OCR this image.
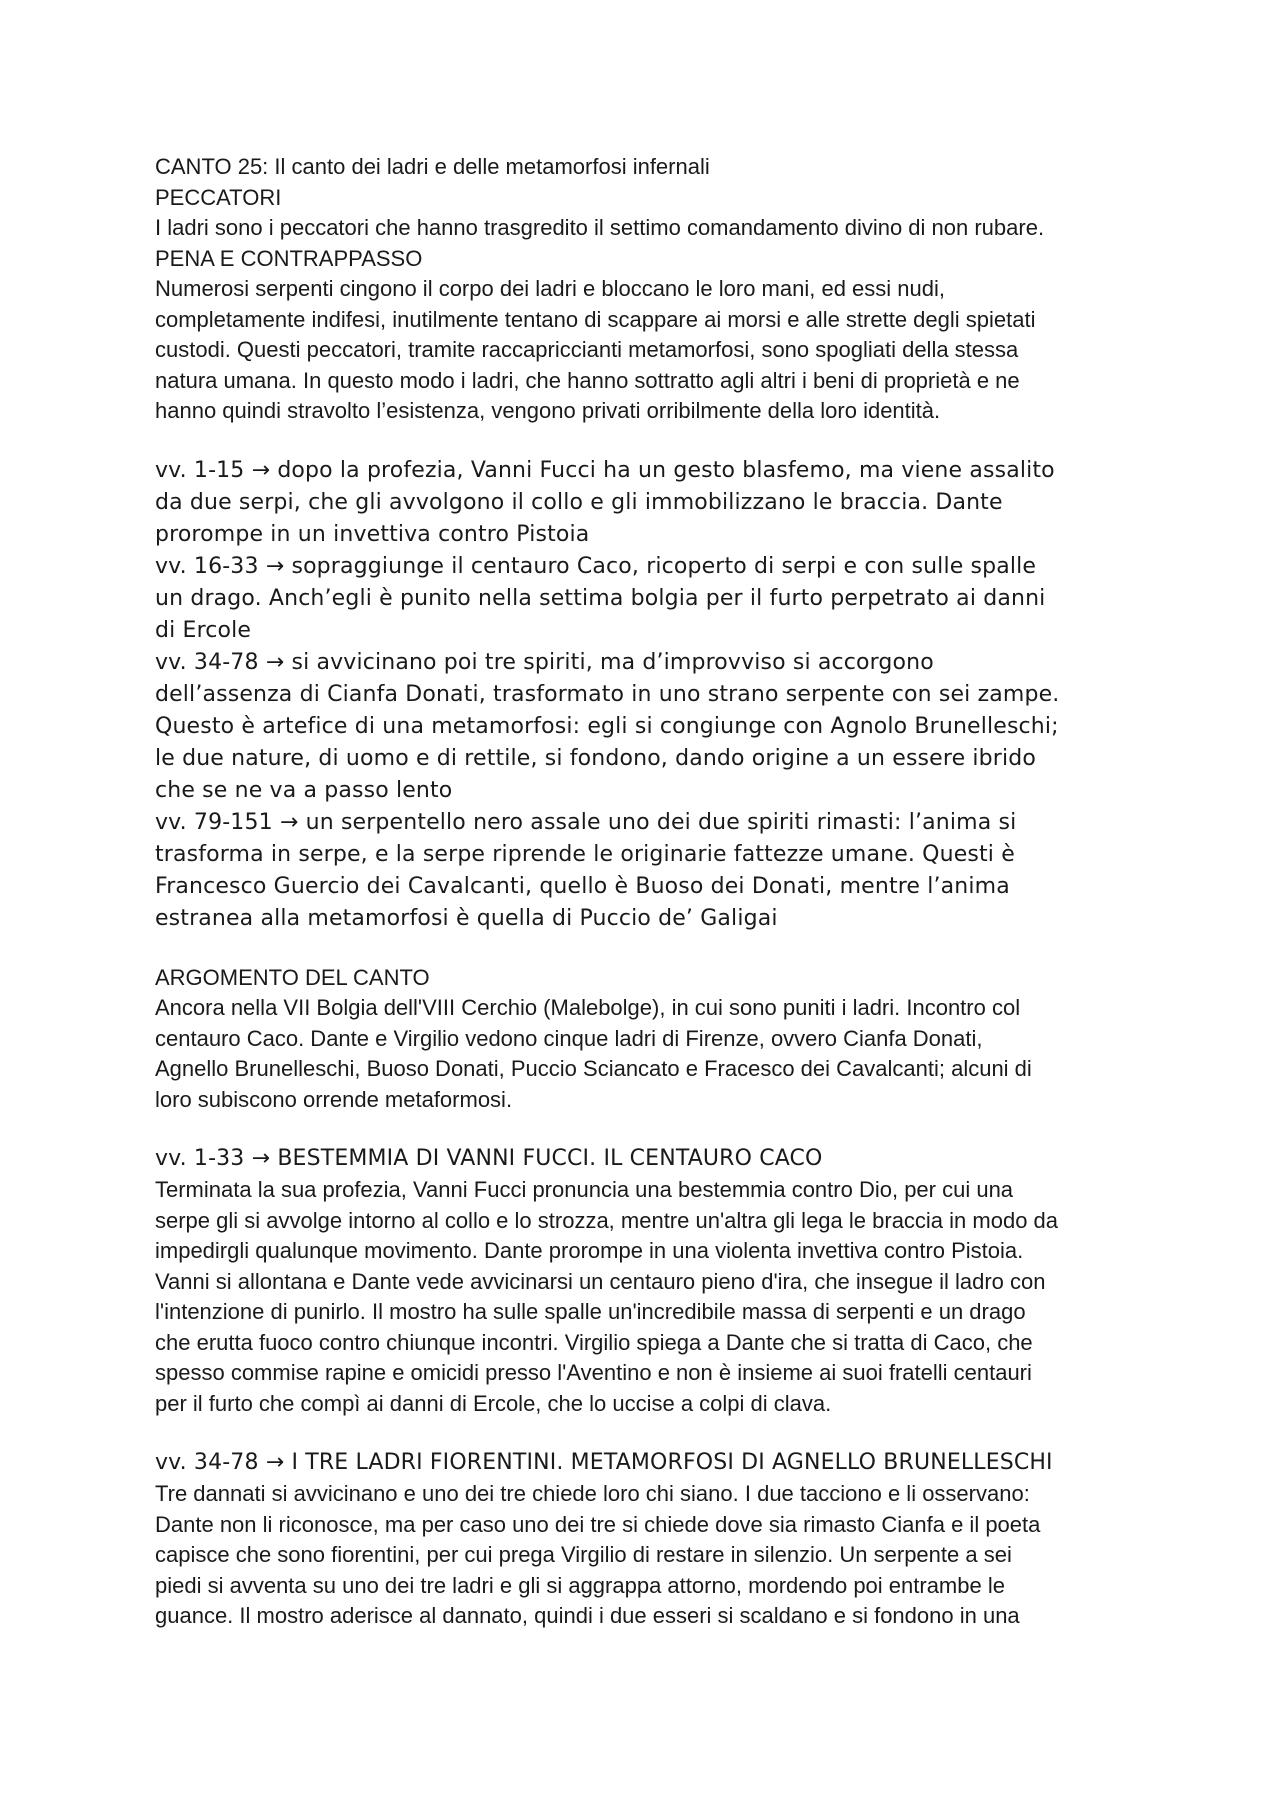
CANTO 25: Il canto dei ladri e delle metamorfosi infernali

PECCATORI

I ladri sono i peccatori che hanno trasgredito il settimo comandamento divino di non rubare.

PENA E CONTRAPPASSO

Numerosi serpenti cingono il corpo dei ladri e bloccano le loro mani, ed essi nudi,

completamente indifesi, inutilmente tentano di scappare ai morsi e alle strette degli spietati

custodi. Questi peccatori, tramite raccapriccianti metamorfosi, sono spogliati della stessa

natura umana. In questo modo i ladri, che hanno sottratto agli altri i beni di proprietà e ne

hanno quindi stravolto l’esistenza, vengono privati orribilmente della loro identità.

vv. 1-15 → dopo la profezia, Vanni Fucci ha un gesto blasfemo, ma viene assalito

da due serpi, che gli avvolgono il collo e gli immobilizzano le braccia. Dante

prorompe in un invettiva contro Pistoia

vv. 16-33 → sopraggiunge il centauro Caco, ricoperto di serpi e con sulle spalle

un drago. Anch’egli è punito nella settima bolgia per il furto perpetrato ai danni

di Ercole

vv. 34-78 → si avvicinano poi tre spiriti, ma d’improvviso si accorgono

dell’assenza di Cianfa Donati, trasformato in uno strano serpente con sei zampe.

Questo è artefice di una metamorfosi: egli si congiunge con Agnolo Brunelleschi;

le due nature, di uomo e di rettile, si fondono, dando origine a un essere ibrido

che se ne va a passo lento

vv. 79-151 → un serpentello nero assale uno dei due spiriti rimasti: l’anima si

trasforma in serpe, e la serpe riprende le originarie fattezze umane. Questi è

Francesco Guercio dei Cavalcanti, quello è Buoso dei Donati, mentre l’anima

estranea alla metamorfosi è quella di Puccio de’ Galigai

ARGOMENTO DEL CANTO

Ancora nella VII Bolgia dell'VIII Cerchio (Malebolge), in cui sono puniti i ladri. Incontro col

centauro Caco. Dante e Virgilio vedono cinque ladri di Firenze, ovvero Cianfa Donati,

Agnello Brunelleschi, Buoso Donati, Puccio Sciancato e Fracesco dei Cavalcanti; alcuni di

loro subiscono orrende metaformosi.

vv. 1-33 → BESTEMMIA DI VANNI FUCCI. IL CENTAURO CACO

Terminata la sua profezia, Vanni Fucci pronuncia una bestemmia contro Dio, per cui una

serpe gli si avvolge intorno al collo e lo strozza, mentre un'altra gli lega le braccia in modo da

impedirgli qualunque movimento. Dante prorompe in una violenta invettiva contro Pistoia.

Vanni si allontana e Dante vede avvicinarsi un centauro pieno d'ira, che insegue il ladro con

l'intenzione di punirlo. Il mostro ha sulle spalle un'incredibile massa di serpenti e un drago

che erutta fuoco contro chiunque incontri. Virgilio spiega a Dante che si tratta di Caco, che

spesso commise rapine e omicidi presso l'Aventino e non è insieme ai suoi fratelli centauri

per il furto che compì ai danni di Ercole, che lo uccise a colpi di clava.

vv. 34-78 → I TRE LADRI FIORENTINI. METAMORFOSI DI AGNELLO BRUNELLESCHI

Tre dannati si avvicinano e uno dei tre chiede loro chi siano. I due tacciono e li osservano:

Dante non li riconosce, ma per caso uno dei tre si chiede dove sia rimasto Cianfa e il poeta

capisce che sono fiorentini, per cui prega Virgilio di restare in silenzio. Un serpente a sei

piedi si avventa su uno dei tre ladri e gli si aggrappa attorno, mordendo poi entrambe le

guance. Il mostro aderisce al dannato, quindi i due esseri si scaldano e si fondono in una
